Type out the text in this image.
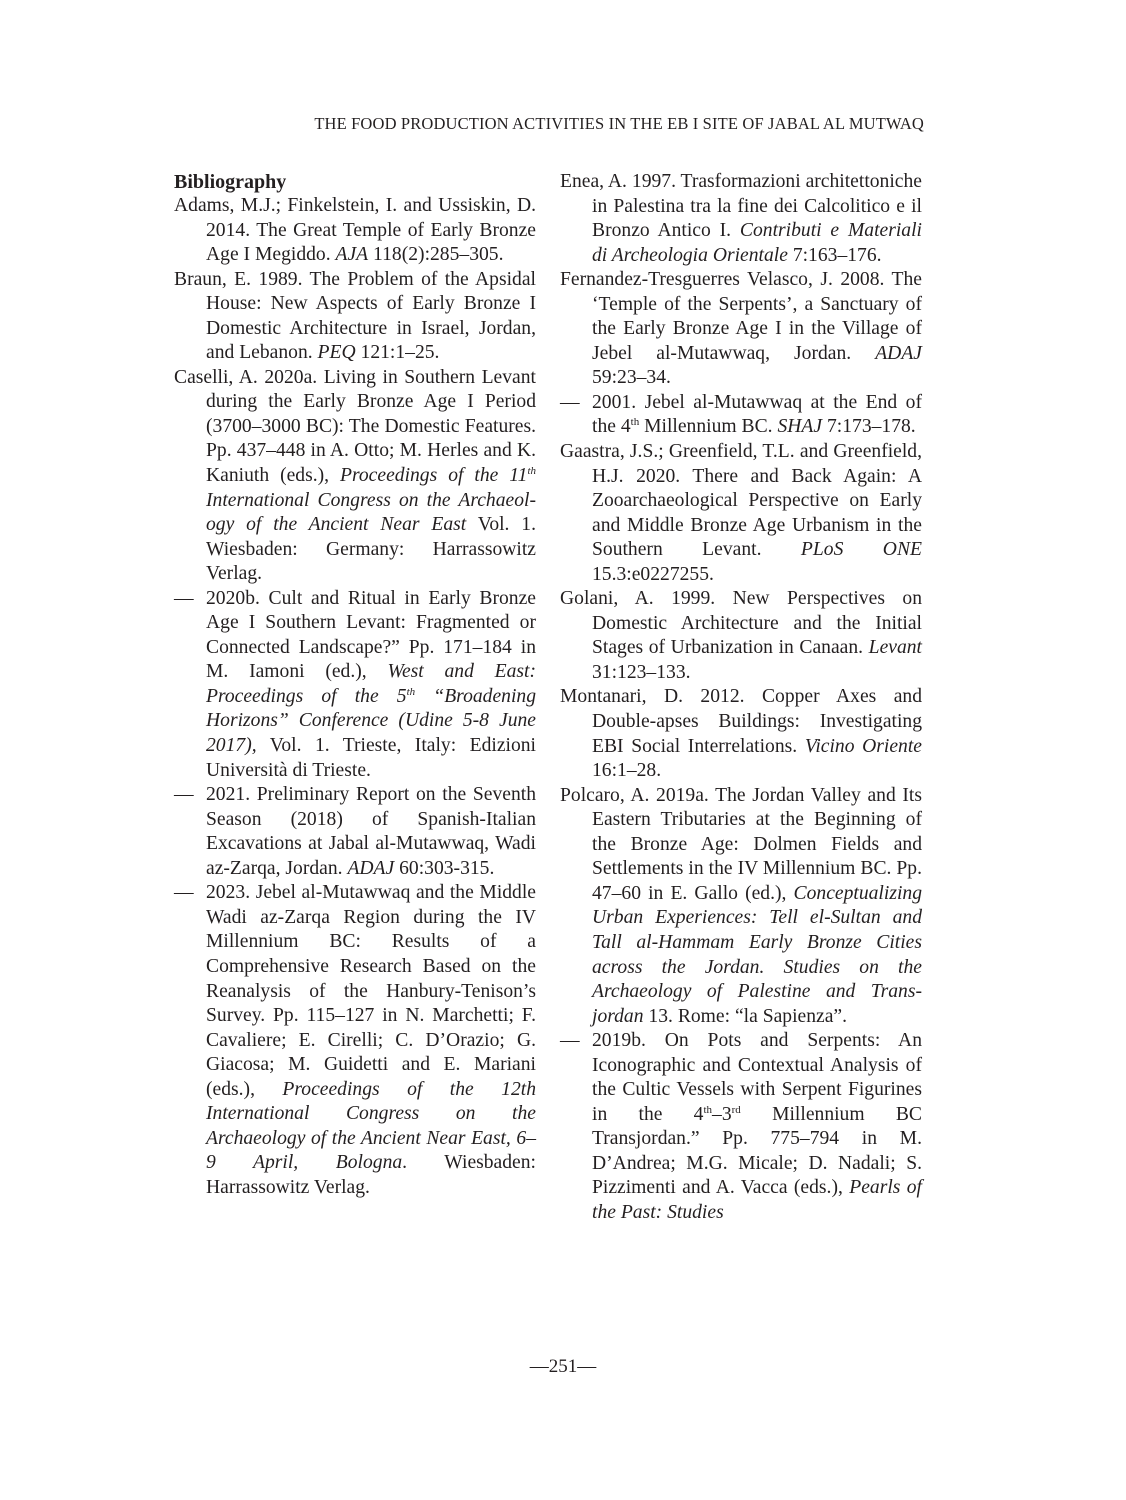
THE FOOD PRODUCTION ACTIVITIES IN THE EB I SITE OF JABAL AL MUTWAQ
Bibliography

Adams, M.J.; Finkelstein, I. and Ussiskin, D. 2014. The Great Temple of Early Bronze Age I Megiddo. AJA 118(2):285–305.

Braun, E. 1989. The Problem of the Apsidal House: New Aspects of Early Bronze I Domestic Architecture in Israel, Jordan, and Lebanon. PEQ 121:1–25.

Caselli, A. 2020a. Living in Southern Levant during the Early Bronze Age I Period (3700–3000 BC): The Domestic Features. Pp. 437–448 in A. Otto; M. Herles and K. Kaniuth (eds.), Proceedings of the 11th International Congress on the Archaeology of the Ancient Near East Vol. 1. Wiesbaden: Germany: Harrassowitz Verlag.

— 2020b. Cult and Ritual in Early Bronze Age I Southern Levant: Fragmented or Connected Landscape?” Pp. 171–184 in M. Iamoni (ed.), West and East: Proceedings of the 5th “Broadening Horizons” Conference (Udine 5-8 June 2017), Vol. 1. Trieste, Italy: Edizioni Università di Trieste.

— 2021. Preliminary Report on the Seventh Season (2018) of Spanish-Italian Excavations at Jabal al-Mutawwaq, Wadi az-Zarqa, Jordan. ADAJ 60:303-315.

— 2023. Jebel al-Mutawwaq and the Middle Wadi az-Zarqa Region during the IV Millennium BC: Results of a Comprehensive Research Based on the Reanalysis of the Hanbury-Tenison’s Survey. Pp. 115–127 in N. Marchetti; F. Cavaliere; E. Cirelli; C. D’Orazio; G. Giacosa; M. Guidetti and E. Mariani (eds.), Proceedings of the 12th International Congress on the Archaeology of the Ancient Near East, 6–9 April, Bologna. Wiesbaden: Harrassowitz Verlag.

Enea, A. 1997. Trasformazioni architettoniche in Palestina tra la fine dei Calcolitico e il Bronzo Antico I. Contributi e Materiali di Archeologia Orientale 7:163–176.

Fernandez-Tresguerres Velasco, J. 2008. The ‘Temple of the Serpents’, a Sanctuary of the Early Bronze Age I in the Village of Jebel al-Mutawwaq, Jordan. ADAJ 59:23–34.

— 2001. Jebel al-Mutawwaq at the End of the 4th Millennium BC. SHAJ 7:173–178.

Gaastra, J.S.; Greenfield, T.L. and Greenfield, H.J. 2020. There and Back Again: A Zooarchaeological Perspective on Early and Middle Bronze Age Urbanism in the Southern Levant. PLoS ONE 15.3:e0227255.

Golani, A. 1999. New Perspectives on Domestic Architecture and the Initial Stages of Urbanization in Canaan. Levant 31:123–133.

Montanari, D. 2012. Copper Axes and Double-apses Buildings: Investigating EBI Social Interrelations. Vicino Oriente 16:1–28.

Polcaro, A. 2019a. The Jordan Valley and Its Eastern Tributaries at the Beginning of the Bronze Age: Dolmen Fields and Settlements in the IV Millennium BC. Pp. 47–60 in E. Gallo (ed.), Conceptualizing Urban Experiences: Tell el-Sultan and Tall al-Hammam Early Bronze Cities across the Jordan. Studies on the Archaeology of Palestine and Transjordan 13. Rome: “la Sapienza”.

— 2019b. On Pots and Serpents: An Iconographic and Contextual Analysis of the Cultic Vessels with Serpent Figurines in the 4th–3rd Millennium BC Transjordan.” Pp. 775–794 in M. D’Andrea; M.G. Micale; D. Nadali; S. Pizzimenti and A. Vacca (eds.), Pearls of the Past: Studies

—251—
